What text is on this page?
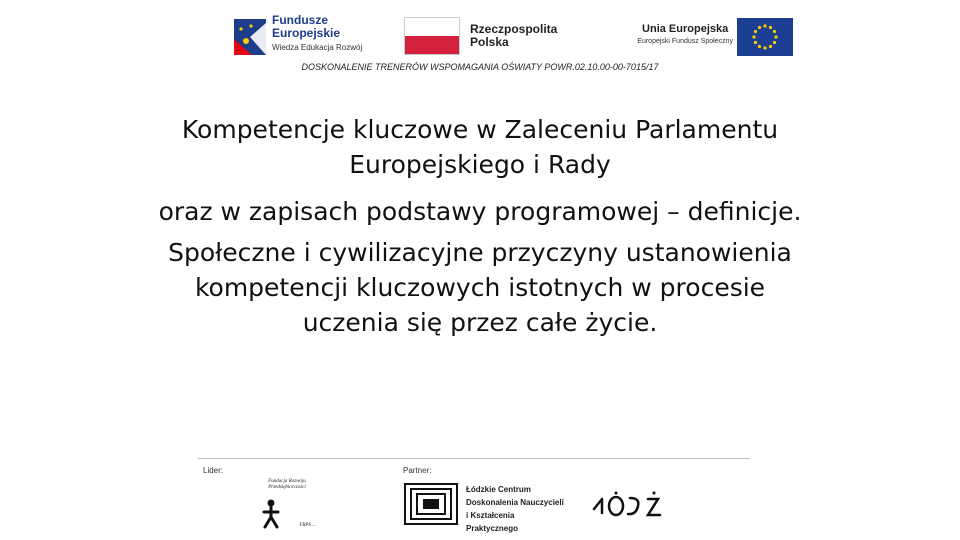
Fundusze
Europejskie
Wiedza Edukacja Rozwój
Rzeczpospolita
Polska
Unia Europejska
Europejski Fundusz Społeczny
DOSKONALENIE TRENERÓW WSPOMAGANIA OŚWIATY POWR.02.10.00-00-7015/17
Kompetencje kluczowe w Zaleceniu Parlamentu
Europejskiego i Rady
oraz w zapisach podstawy programowej – definicje.
Społeczne i cywilizacyjne przyczyny ustanowienia
kompetencji kluczowych istotnych w procesie
uczenia się przez całe życie.
Lider:	Partner:
Fundacja Rozwoju
Przedsiębiorczości
FRPS ...
Łódzkie Centrum
Doskonalenia Nauczycieli
i Kształcenia Praktycznego
